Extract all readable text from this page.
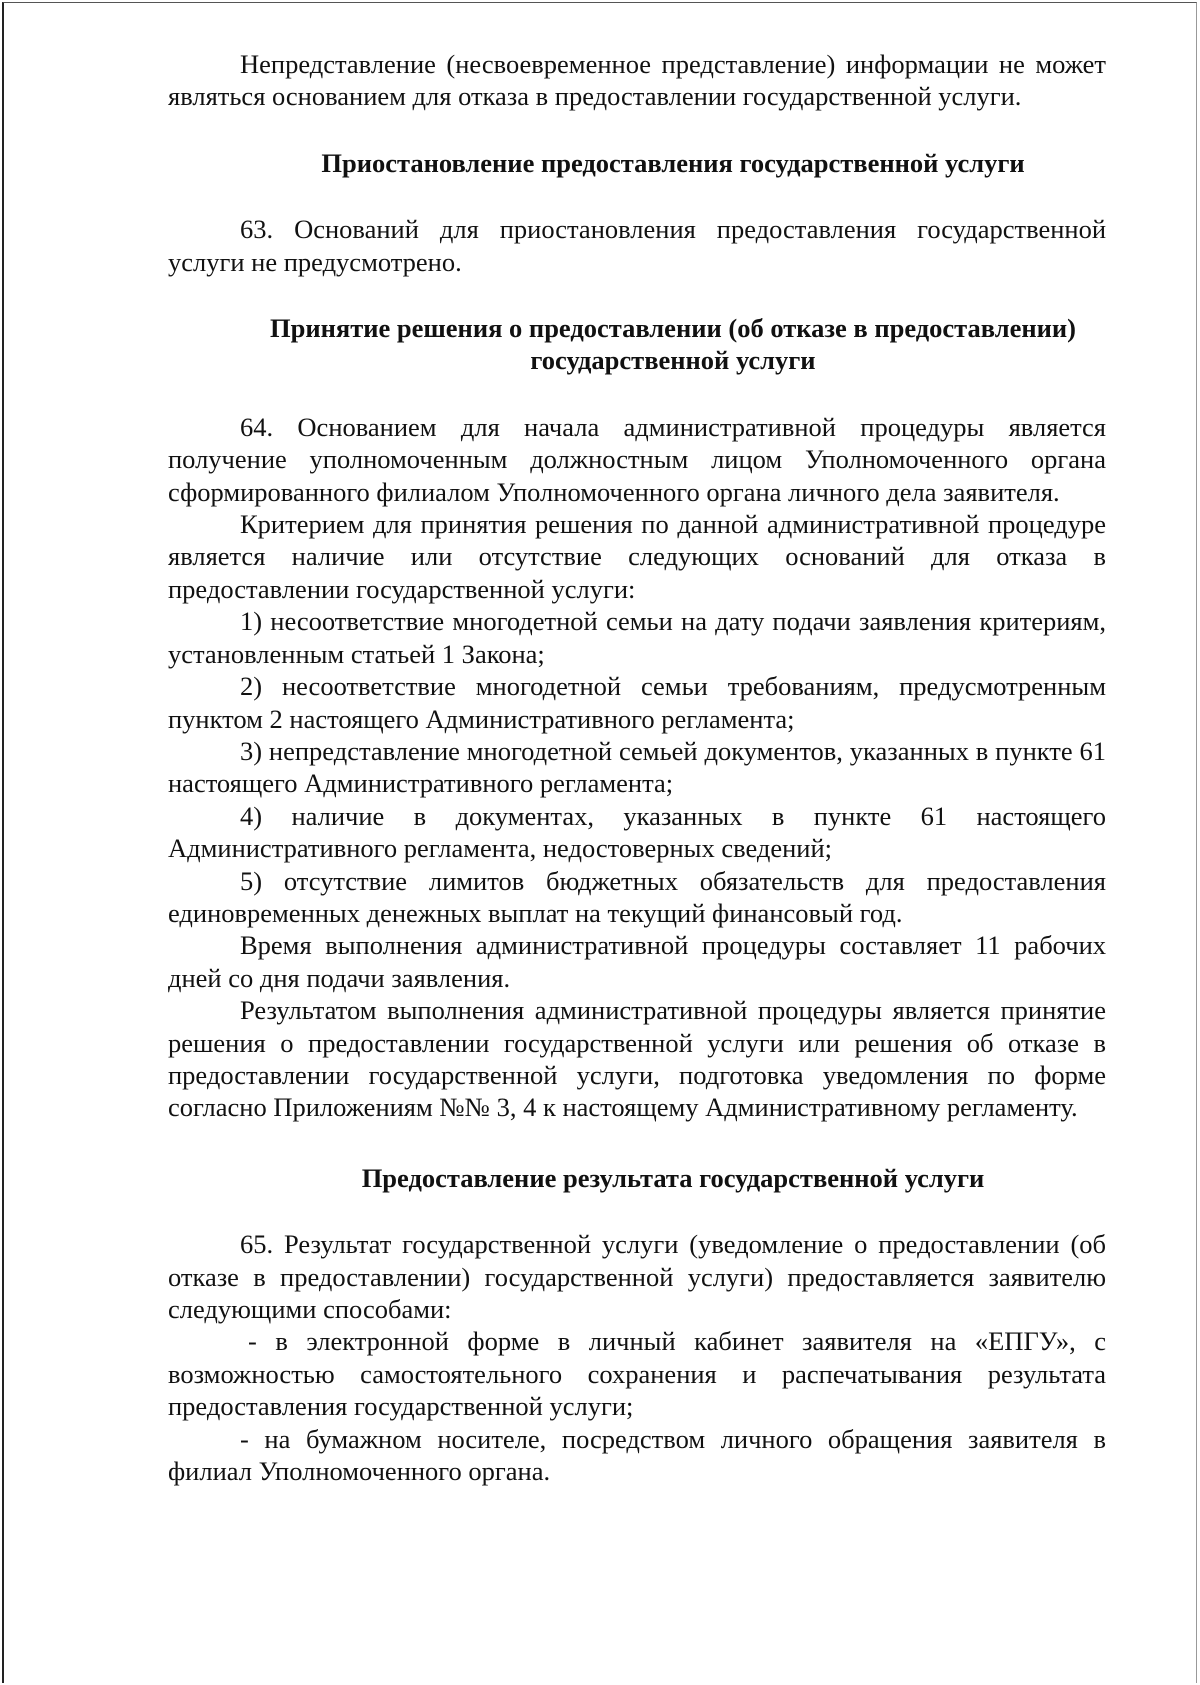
Непредставление (несвоевременное представление) информации не может являться основанием для отказа в предоставлении государственной услуги.

Приостановление предоставления государственной услуги

63. Оснований для приостановления предоставления государственной услуги не предусмотрено.

Принятие решения о предоставлении (об отказе в предоставлении) государственной услуги

64. Основанием для начала административной процедуры является получение уполномоченным должностным лицом Уполномоченного органа сформированного филиалом Уполномоченного органа личного дела заявителя.

Критерием для принятия решения по данной административной процедуре является наличие или отсутствие следующих оснований для отказа в предоставлении государственной услуги:

1) несоответствие многодетной семьи на дату подачи заявления критериям, установленным статьей 1 Закона;

2) несоответствие многодетной семьи требованиям, предусмотренным пунктом 2 настоящего Административного регламента;

3) непредставление многодетной семьей документов, указанных в пункте 61 настоящего Административного регламента;

4) наличие в документах, указанных в пункте 61 настоящего Административного регламента, недостоверных сведений;

5) отсутствие лимитов бюджетных обязательств для предоставления единовременных денежных выплат на текущий финансовый год.

Время выполнения административной процедуры составляет 11 рабочих дней со дня подачи заявления.

Результатом выполнения административной процедуры является принятие решения о предоставлении государственной услуги или решения об отказе в предоставлении государственной услуги, подготовка уведомления по форме согласно Приложениям №№ 3, 4 к настоящему Административному регламенту.

Предоставление результата государственной услуги

65. Результат государственной услуги (уведомление о предоставлении (об отказе в предоставлении) государственной услуги) предоставляется заявителю следующими способами:

- в электронной форме в личный кабинет заявителя на «ЕПГУ», с возможностью самостоятельного сохранения и распечатывания результата предоставления государственной услуги;

- на бумажном носителе, посредством личного обращения заявителя в филиал Уполномоченного органа.
